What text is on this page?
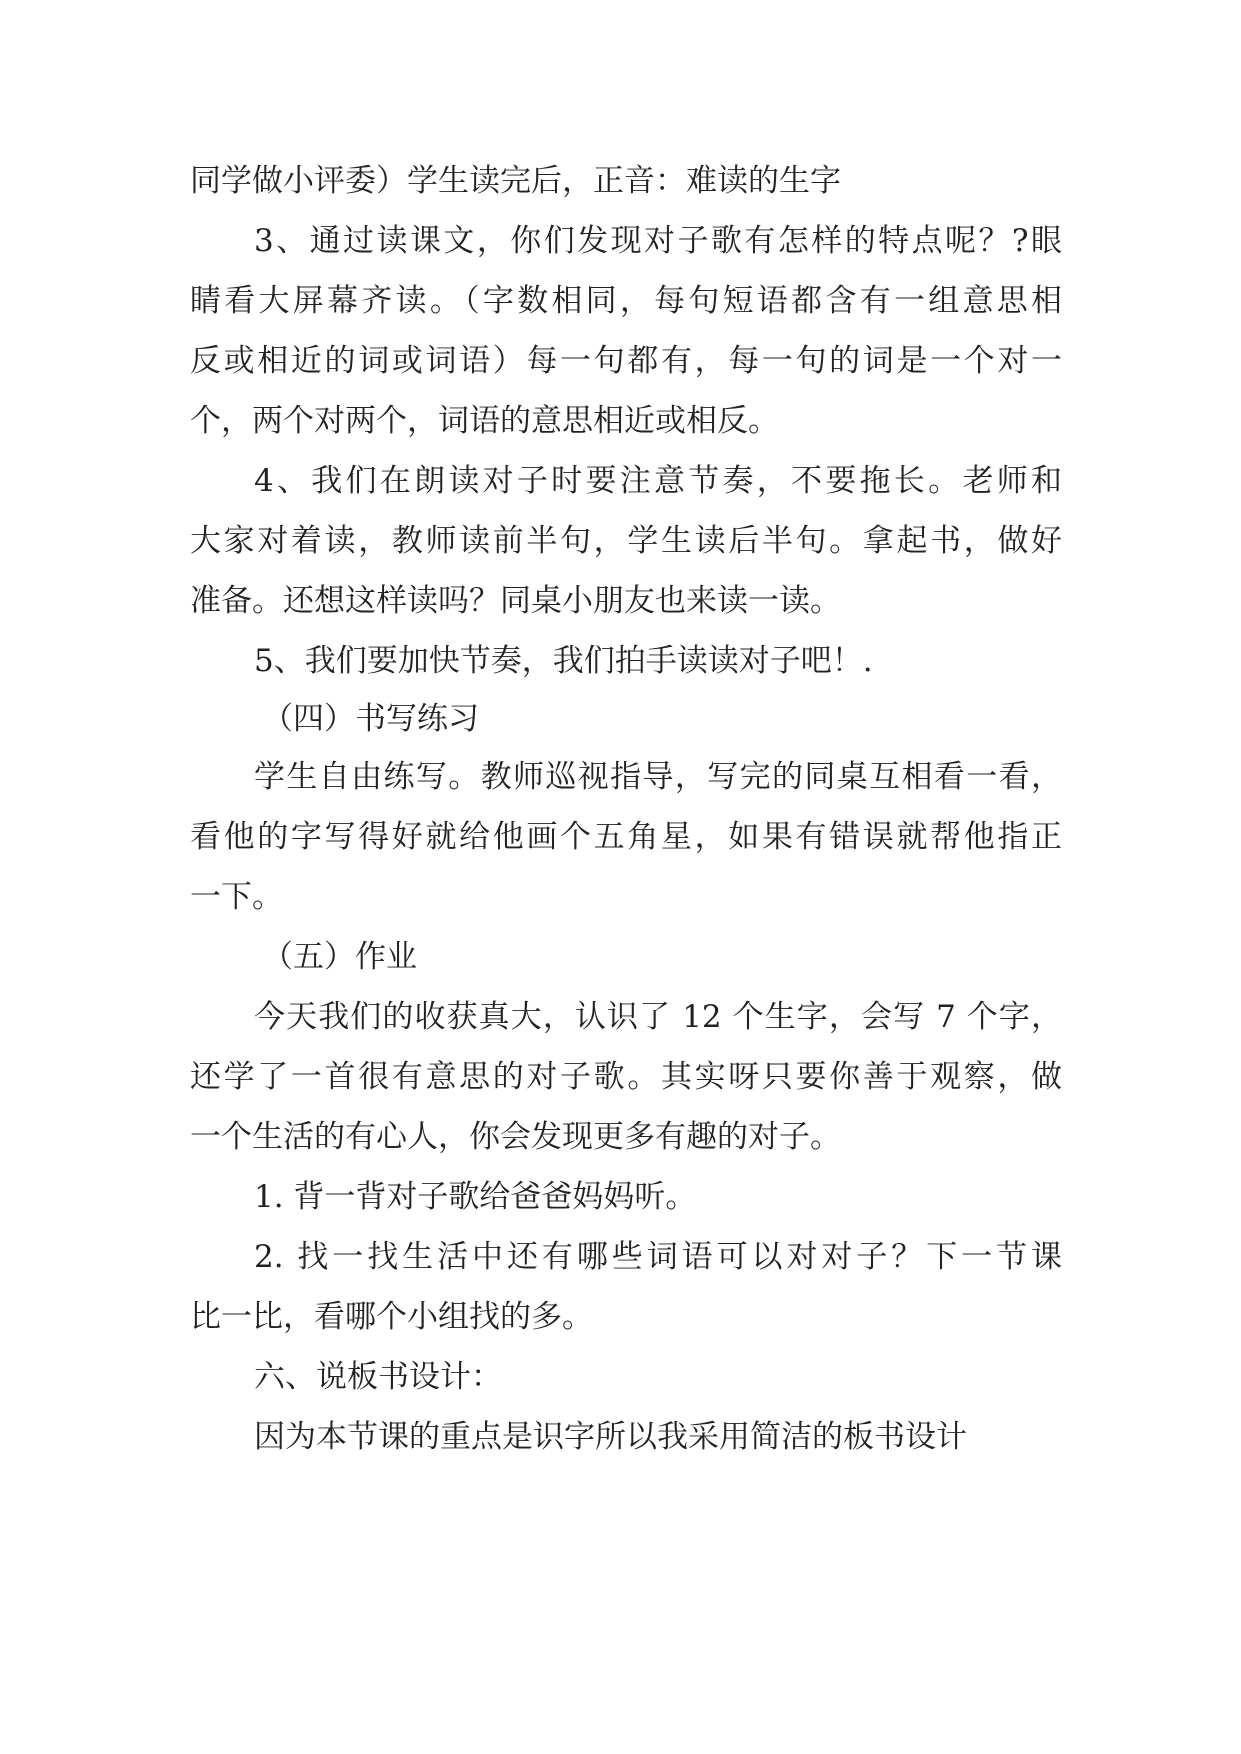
同学做小评委）学生读完后，正音：难读的生字
3、通过读课文，你们发现对子歌有怎样的特点呢？?眼
睛看大屏幕齐读。（字数相同，每句短语都含有一组意思相
反或相近的词或词语）每一句都有，每一句的词是一个对一
个，两个对两个，词语的意思相近或相反。
4、我们在朗读对子时要注意节奏，不要拖长。老师和
大家对着读，教师读前半句，学生读后半句。拿起书，做好
准备。还想这样读吗？同桌小朋友也来读一读。
5、我们要加快节奏，我们拍手读读对子吧！.
（四）书写练习
学生自由练写。教师巡视指导，写完的同桌互相看一看，
看他的字写得好就给他画个五角星，如果有错误就帮他指正
一下。
（五）作业
今天我们的收获真大，认识了 12 个生字，会写 7 个字，
还学了一首很有意思的对子歌。其实呀只要你善于观察，做
一个生活的有心人，你会发现更多有趣的对子。
1. 背一背对子歌给爸爸妈妈听。
2. 找一找生活中还有哪些词语可以对对子？下一节课
比一比，看哪个小组找的多。
六、说板书设计：
因为本节课的重点是识字所以我采用简洁的板书设计
